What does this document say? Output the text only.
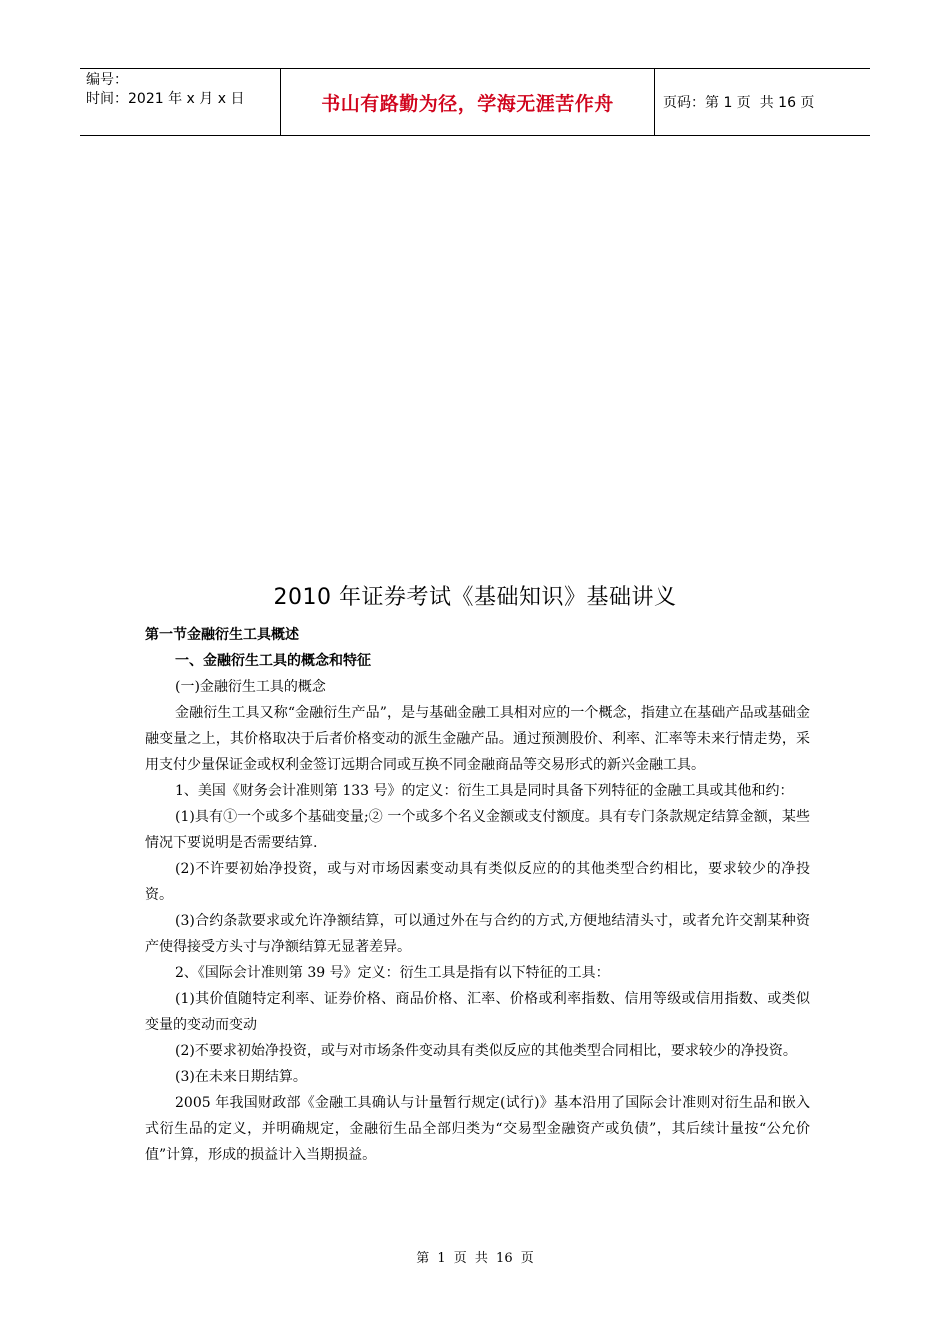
编号：
时间：2021 年 x 月 x 日	书山有路勤为径，学海无涯苦作舟	页码：第 1 页  共 16 页
2010 年证券考试《基础知识》基础讲义

第一节金融衍生工具概述

一、金融衍生工具的概念和特征

(一)金融衍生工具的概念

金融衍生工具又称“金融衍生产品”，是与基础金融工具相对应的一个概念，指建立在基础产品或基础金融变量之上，其价格取决于后者价格变动的派生金融产品。通过预测股价、利率、汇率等未来行情走势，采用支付少量保证金或权利金签订远期合同或互换不同金融商品等交易形式的新兴金融工具。

1、美国《财务会计准则第 133 号》的定义：衍生工具是同时具备下列特征的金融工具或其他和约：

(1)具有①一个或多个基础变量;② 一个或多个名义金额或支付额度。具有专门条款规定结算金额，某些情况下要说明是否需要结算.

(2)不许要初始净投资，或与对市场因素变动具有类似反应的的其他类型合约相比，要求较少的净投资。

(3)合约条款要求或允许净额结算，可以通过外在与合约的方式,方便地结清头寸，或者允许交割某种资产使得接受方头寸与净额结算无显著差异。

2、《国际会计准则第 39 号》定义：衍生工具是指有以下特征的工具：

(1)其价值随特定利率、证券价格、商品价格、汇率、价格或利率指数、信用等级或信用指数、或类似变量的变动而变动

(2)不要求初始净投资，或与对市场条件变动具有类似反应的其他类型合同相比，要求较少的净投资。

(3)在未来日期结算。

2005 年我国财政部《金融工具确认与计量暂行规定(试行)》基本沿用了国际会计准则对衍生品和嵌入式衍生品的定义，并明确规定，金融衍生品全部归类为“交易型金融资产或负债”，其后续计量按“公允价值”计算，形成的损益计入当期损益。

第 1 页 共 16 页
